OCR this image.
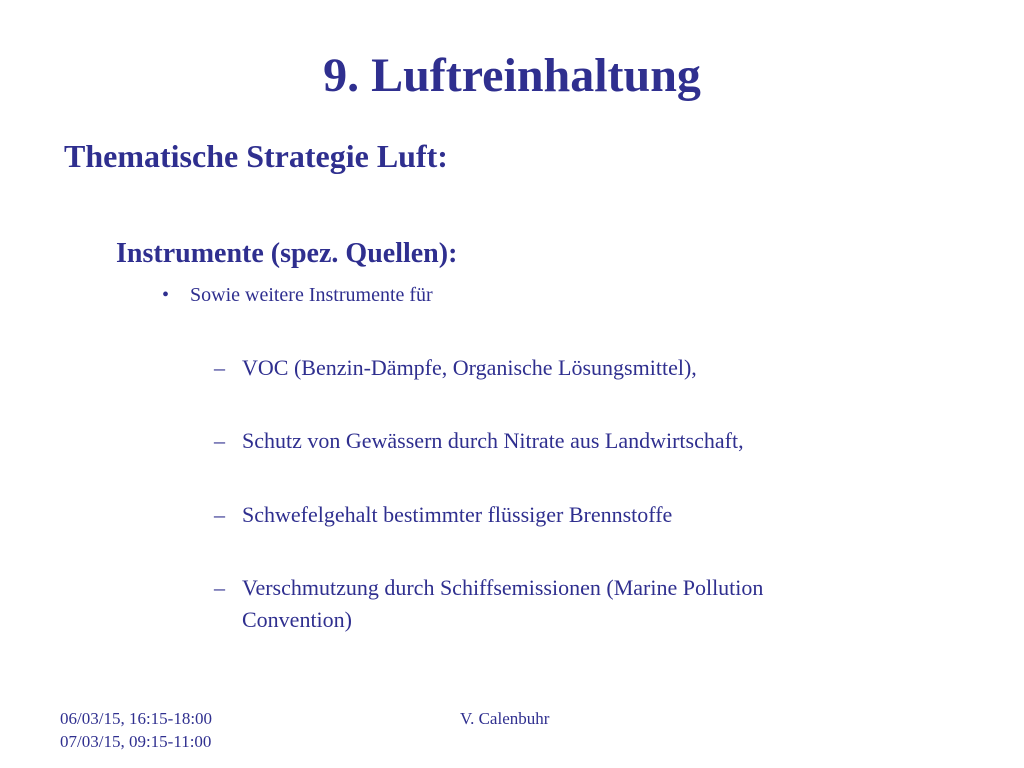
9. Luftreinhaltung
Thematische Strategie Luft:
Instrumente (spez. Quellen):
• Sowie weitere Instrumente für
– VOC (Benzin-Dämpfe, Organische Lösungsmittel),
– Schutz von Gewässern durch Nitrate aus Landwirtschaft,
– Schwefelgehalt bestimmter flüssiger Brennstoffe
– Verschmutzung durch Schiffsemissionen (Marine Pollution Convention)
06/03/15, 16:15-18:00
07/03/15, 09:15-11:00
V. Calenbuhr
